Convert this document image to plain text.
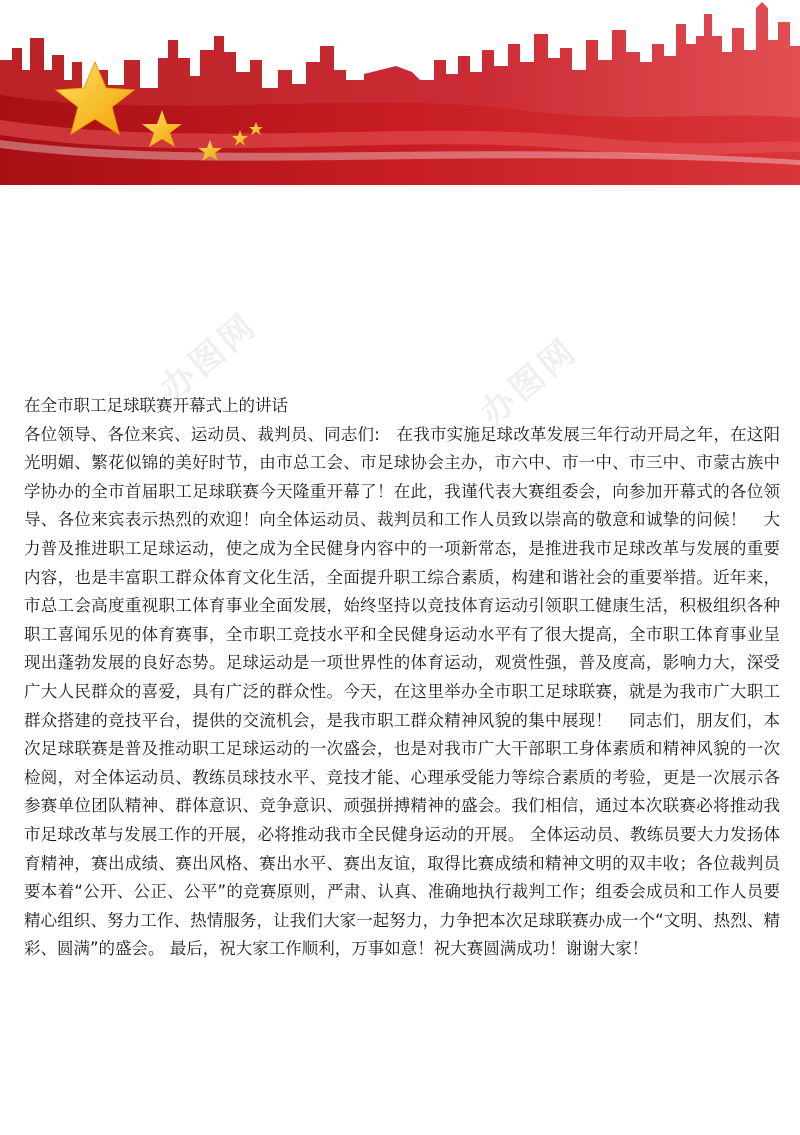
办图网	办图网
在全市职工足球联赛开幕式上的讲话

各位领导、各位来宾、运动员、裁判员、同志们:　在我市实施足球改革发展三年行动开局之年，在这阳光明媚、繁花似锦的美好时节，由市总工会、市足球协会主办，市六中、市一中、市三中、市蒙古族中学协办的全市首届职工足球联赛今天隆重开幕了！在此，我谨代表大赛组委会，向参加开幕式的各位领导、各位来宾表示热烈的欢迎！向全体运动员、裁判员和工作人员致以崇高的敬意和诚挚的问候！　大力普及推进职工足球运动，使之成为全民健身内容中的一项新常态，是推进我市足球改革与发展的重要内容，也是丰富职工群众体育文化生活，全面提升职工综合素质，构建和谐社会的重要举措。近年来，市总工会高度重视职工体育事业全面发展，始终坚持以竞技体育运动引领职工健康生活，积极组织各种职工喜闻乐见的体育赛事，全市职工竞技水平和全民健身运动水平有了很大提高，全市职工体育事业呈现出蓬勃发展的良好态势。足球运动是一项世界性的体育运动，观赏性强，普及度高，影响力大，深受广大人民群众的喜爱，具有广泛的群众性。今天，在这里举办全市职工足球联赛，就是为我市广大职工群众搭建的竞技平台，提供的交流机会，是我市职工群众精神风貌的集中展现！　同志们，朋友们，本次足球联赛是普及推动职工足球运动的一次盛会，也是对我市广大干部职工身体素质和精神风貌的一次检阅，对全体运动员、教练员球技水平、竞技才能、心理承受能力等综合素质的考验，更是一次展示各参赛单位团队精神、群体意识、竞争意识、顽强拼搏精神的盛会。我们相信，通过本次联赛必将推动我市足球改革与发展工作的开展，必将推动我市全民健身运动的开展。 全体运动员、教练员要大力发扬体育精神，赛出成绩、赛出风格、赛出水平、赛出友谊，取得比赛成绩和精神文明的双丰收；各位裁判员要本着“公开、公正、公平”的竞赛原则，严肃、认真、准确地执行裁判工作；组委会成员和工作人员要精心组织、努力工作、热情服务，让我们大家一起努力，力争把本次足球联赛办成一个“文明、热烈、精彩、圆满”的盛会。 最后，祝大家工作顺利，万事如意！祝大赛圆满成功！谢谢大家！
